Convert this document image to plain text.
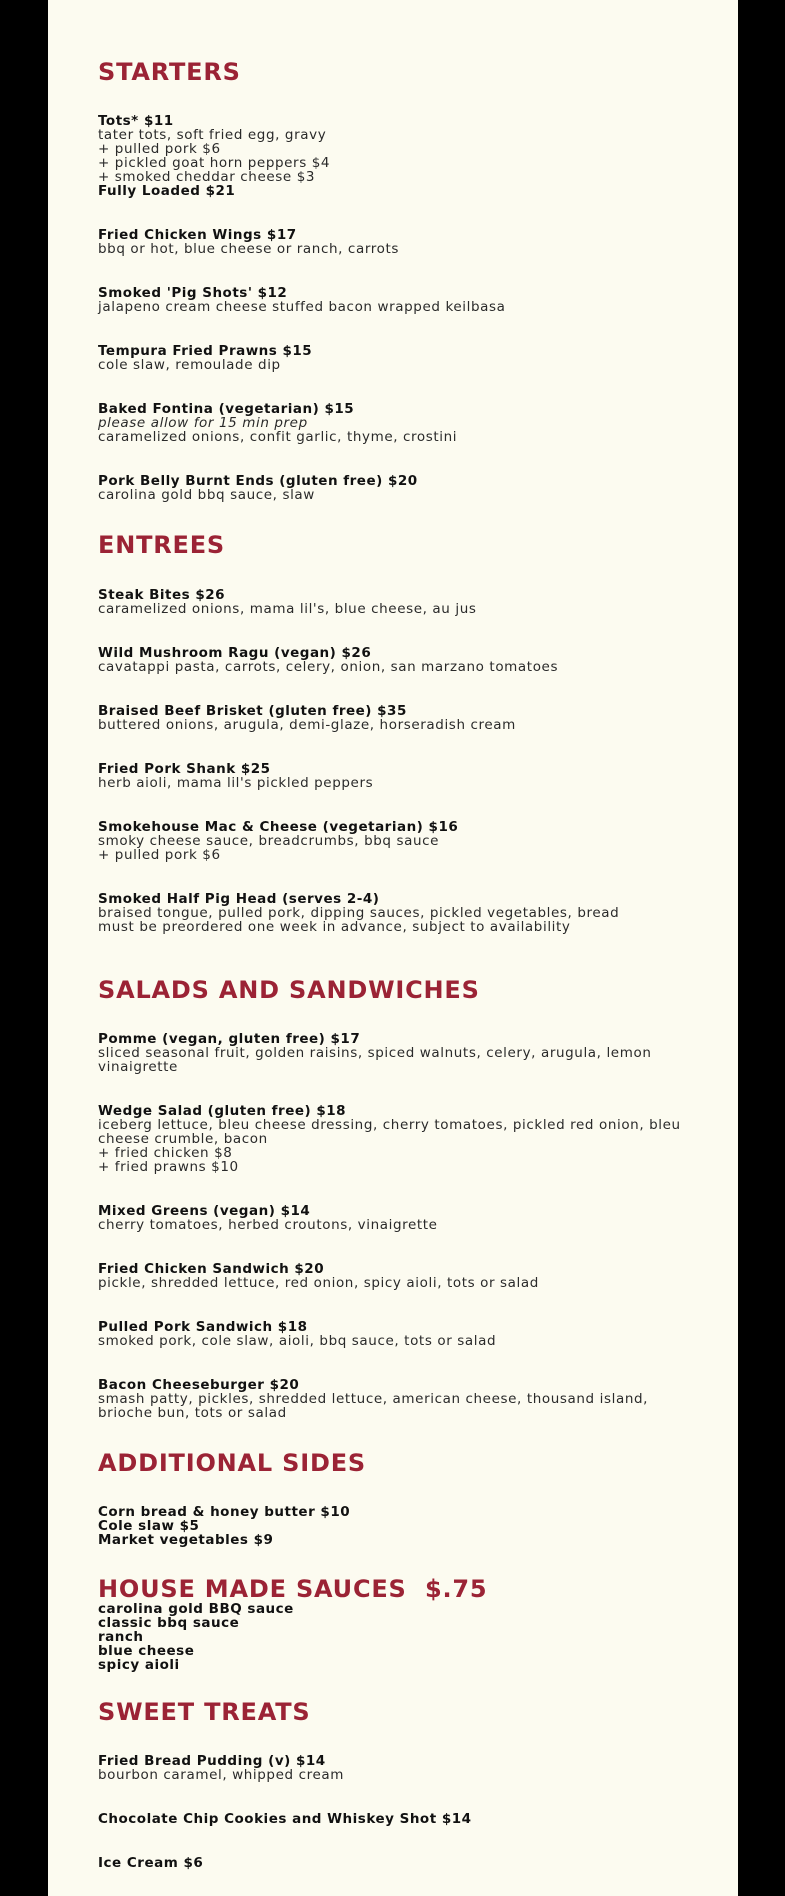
STARTERS
Tots* $11
tater tots, soft fried egg, gravy
+ pulled pork $6
+ pickled goat horn peppers $4
+ smoked cheddar cheese $3
Fully Loaded $21
Fried Chicken Wings $17
bbq or hot, blue cheese or ranch, carrots
Smoked 'Pig Shots' $12
jalapeno cream cheese stuffed bacon wrapped keilbasa
Tempura Fried Prawns $15
cole slaw, remoulade dip
Baked Fontina (vegetarian) $15
please allow for 15 min prep
caramelized onions, confit garlic, thyme, crostini
Pork Belly Burnt Ends (gluten free) $20
carolina gold bbq sauce, slaw
ENTREES
Steak Bites $26
caramelized onions, mama lil's, blue cheese, au jus
Wild Mushroom Ragu (vegan) $26
cavatappi pasta, carrots, celery, onion, san marzano tomatoes
Braised Beef Brisket (gluten free) $35
buttered onions, arugula, demi-glaze, horseradish cream
Fried Pork Shank $25
herb aioli, mama lil's pickled peppers
Smokehouse Mac & Cheese (vegetarian) $16
smoky cheese sauce, breadcrumbs, bbq sauce
+ pulled pork $6
Smoked Half Pig Head (serves 2-4)
braised tongue, pulled pork, dipping sauces, pickled vegetables, bread
must be preordered one week in advance, subject to availability
SALADS AND SANDWICHES
Pomme (vegan, gluten free) $17
sliced seasonal fruit, golden raisins, spiced walnuts, celery, arugula, lemon
vinaigrette
Wedge Salad (gluten free) $18
iceberg lettuce, bleu cheese dressing, cherry tomatoes, pickled red onion, bleu
cheese crumble, bacon
+ fried chicken $8
+ fried prawns $10
Mixed Greens (vegan) $14
cherry tomatoes, herbed croutons, vinaigrette
Fried Chicken Sandwich $20
pickle, shredded lettuce, red onion, spicy aioli, tots or salad
Pulled Pork Sandwich $18
smoked pork, cole slaw, aioli, bbq sauce, tots or salad
Bacon Cheeseburger $20
smash patty, pickles, shredded lettuce, american cheese, thousand island,
brioche bun, tots or salad
ADDITIONAL SIDES
Corn bread & honey butter $10
Cole slaw $5
Market vegetables $9
HOUSE MADE SAUCES  $.75
carolina gold BBQ sauce
classic bbq sauce
ranch
blue cheese
spicy aioli
SWEET TREATS
Fried Bread Pudding (v) $14
bourbon caramel, whipped cream
Chocolate Chip Cookies and Whiskey Shot $14
Ice Cream $6
